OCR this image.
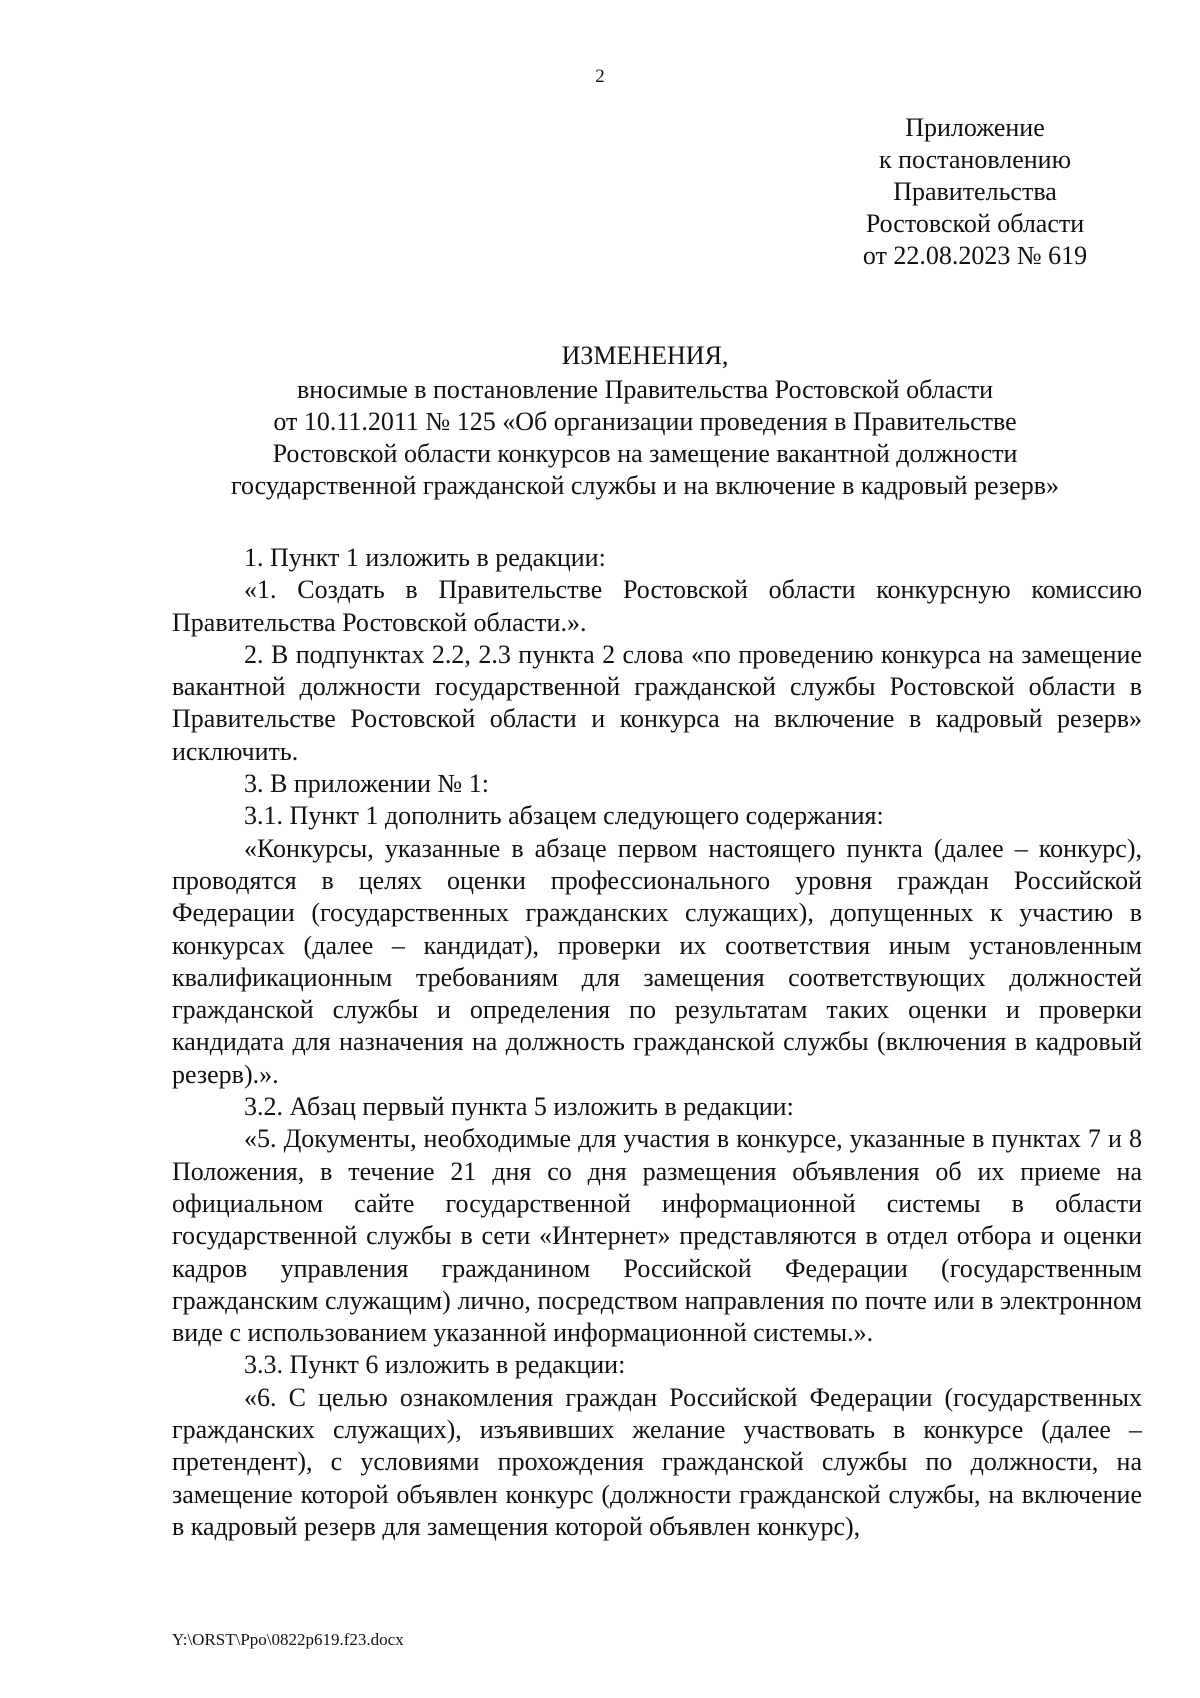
2
Приложение
к постановлению
Правительства
Ростовской области
от 22.08.2023 № 619
ИЗМЕНЕНИЯ,
вносимые в постановление Правительства Ростовской области
от 10.11.2011 № 125 «Об организации проведения в Правительстве
Ростовской области конкурсов на замещение вакантной должности
государственной гражданской службы и на включение в кадровый резерв»

1. Пункт 1 изложить в редакции:

«1. Создать в Правительстве Ростовской области конкурсную комиссию Правительства Ростовской области.».

2. В подпунктах 2.2, 2.3 пункта 2 слова «по проведению конкурса на замещение вакантной должности государственной гражданской службы Ростовской области в Правительстве Ростовской области и конкурса на включение в кадровый резерв» исключить.

3. В приложении № 1:

3.1. Пункт 1 дополнить абзацем следующего содержания:

«Конкурсы, указанные в абзаце первом настоящего пункта (далее – конкурс), проводятся в целях оценки профессионального уровня граждан Российской Федерации (государственных гражданских служащих), допущенных к участию в конкурсах (далее – кандидат), проверки их соответствия иным установленным квалификационным требованиям для замещения соответствующих должностей гражданской службы и определения по результатам таких оценки и проверки кандидата для назначения на должность гражданской службы (включения в кадровый резерв).».

3.2. Абзац первый пункта 5 изложить в редакции:

«5. Документы, необходимые для участия в конкурсе, указанные в пунктах 7 и 8 Положения, в течение 21 дня со дня размещения объявления об их приеме на официальном сайте государственной информационной системы в области государственной службы в сети «Интернет» представляются в отдел отбора и оценки кадров управления гражданином Российской Федерации (государственным гражданским служащим) лично, посредством направления по почте или в электронном виде с использованием указанной информационной системы.».

3.3. Пункт 6 изложить в редакции:

«6. С целью ознакомления граждан Российской Федерации (государственных гражданских служащих), изъявивших желание участвовать в конкурсе (далее – претендент), с условиями прохождения гражданской службы по должности, на замещение которой объявлен конкурс (должности гражданской службы, на включение в кадровый резерв для замещения которой объявлен конкурс),

Y:\ORST\Ppo\0822p619.f23.docx
